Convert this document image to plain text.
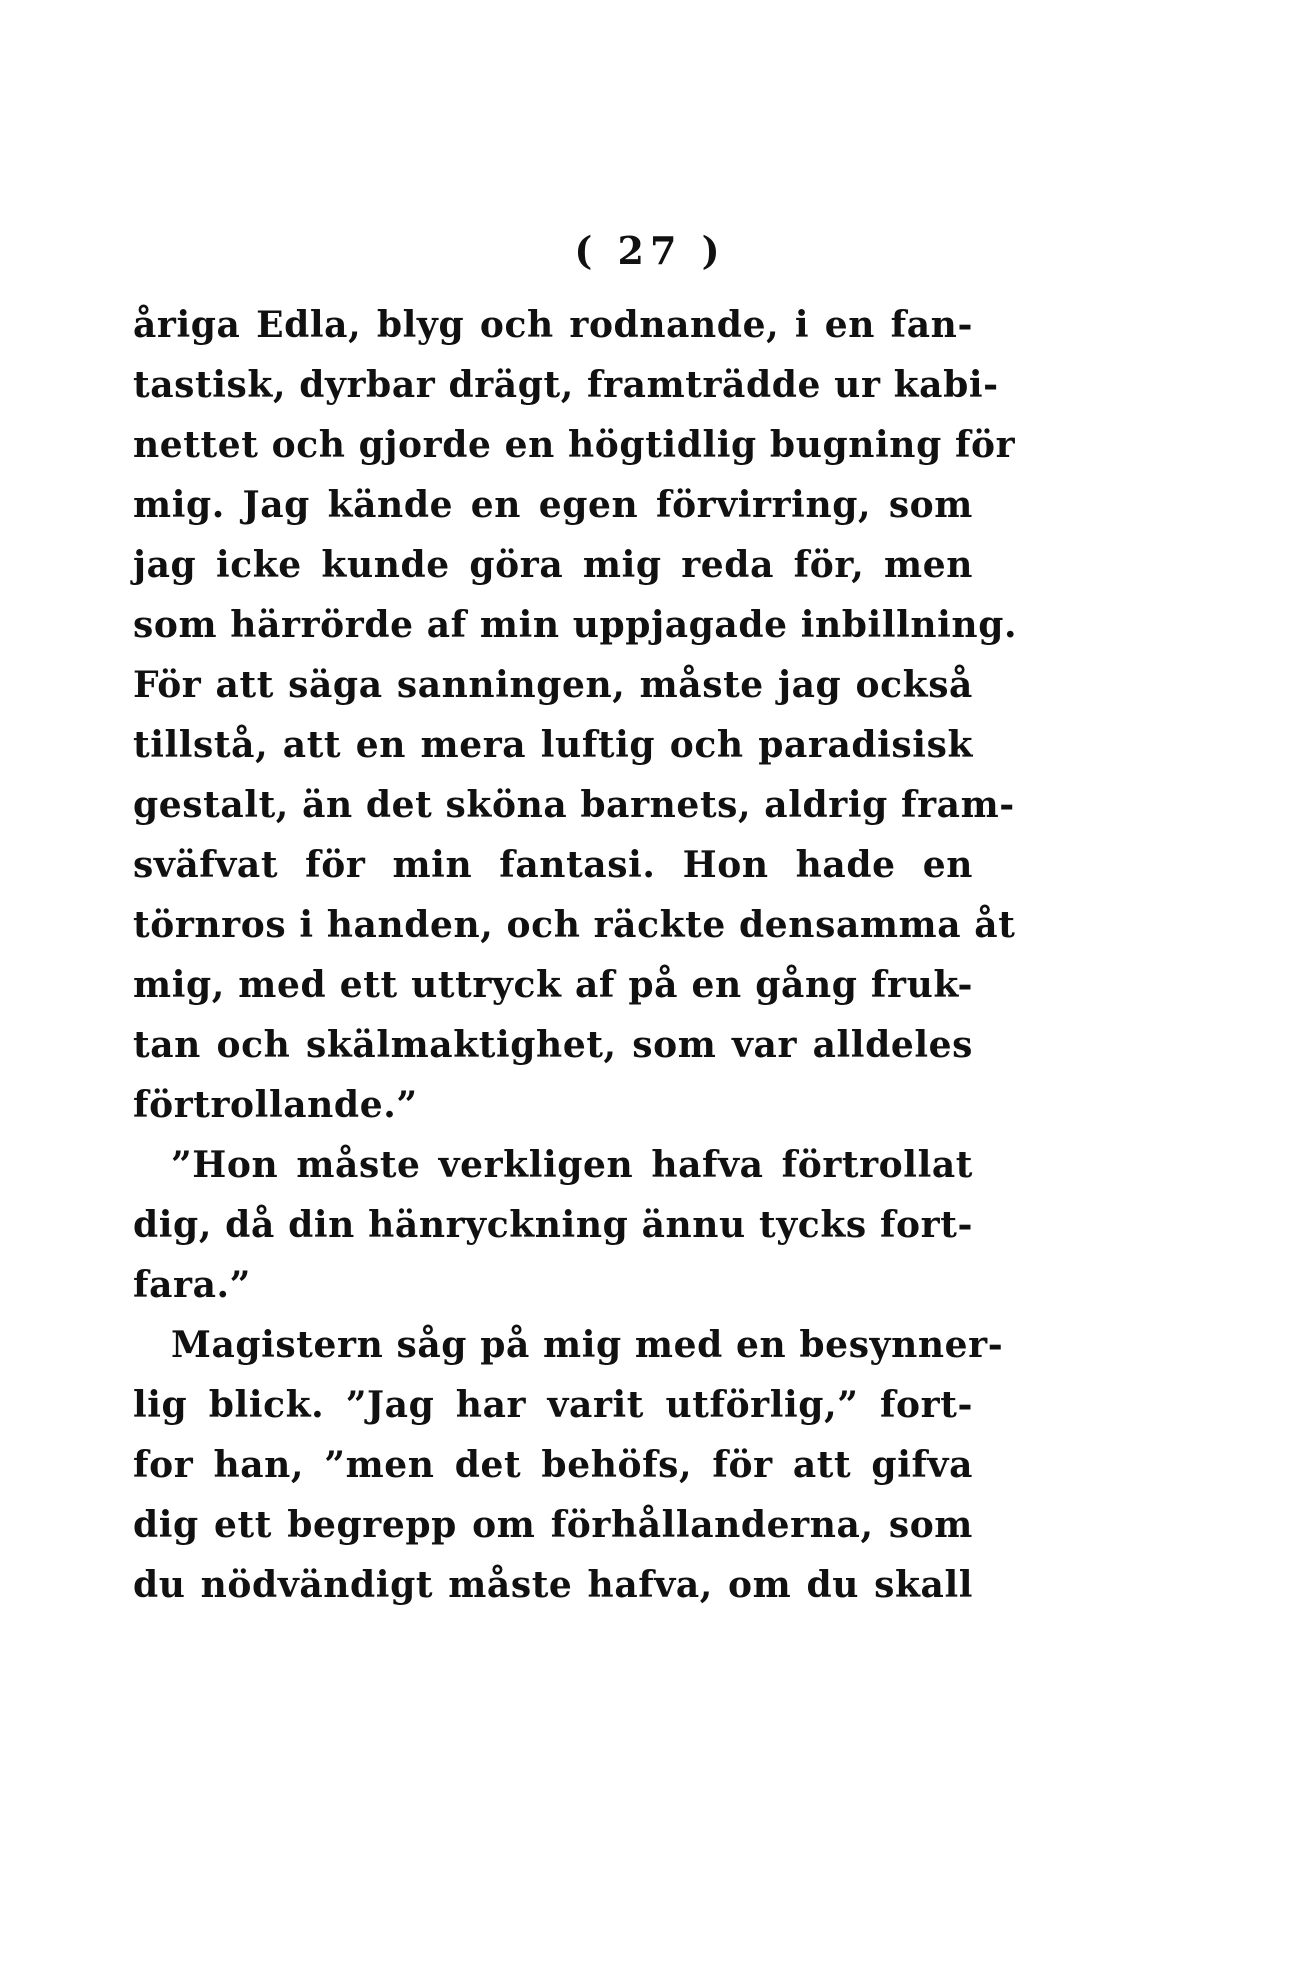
( 27 )
åriga Edla, blyg och rodnande, i en fan-
tastisk, dyrbar drägt, framträdde ur kabi-
nettet och gjorde en högtidlig bugning för
mig. Jag kände en egen förvirring, som
jag icke kunde göra mig reda för, men
som härrörde af min uppjagade inbillning.
För att säga sanningen, måste jag också
tillstå, att en mera luftig och paradisisk
gestalt, än det sköna barnets, aldrig fram-
sväfvat för min fantasi. Hon hade en
törnros i handen, och räckte densamma åt
mig, med ett uttryck af på en gång fruk-
tan och skälmaktighet, som var alldeles
förtrollande.”
”Hon måste verkligen hafva förtrollat
dig, då din hänryckning ännu tycks fort-
fara.”
Magistern såg på mig med en besynner-
lig blick. ”Jag har varit utförlig,” fort-
for han, ”men det behöfs, för att gifva
dig ett begrepp om förhållanderna, som
du nödvändigt måste hafva, om du skall
